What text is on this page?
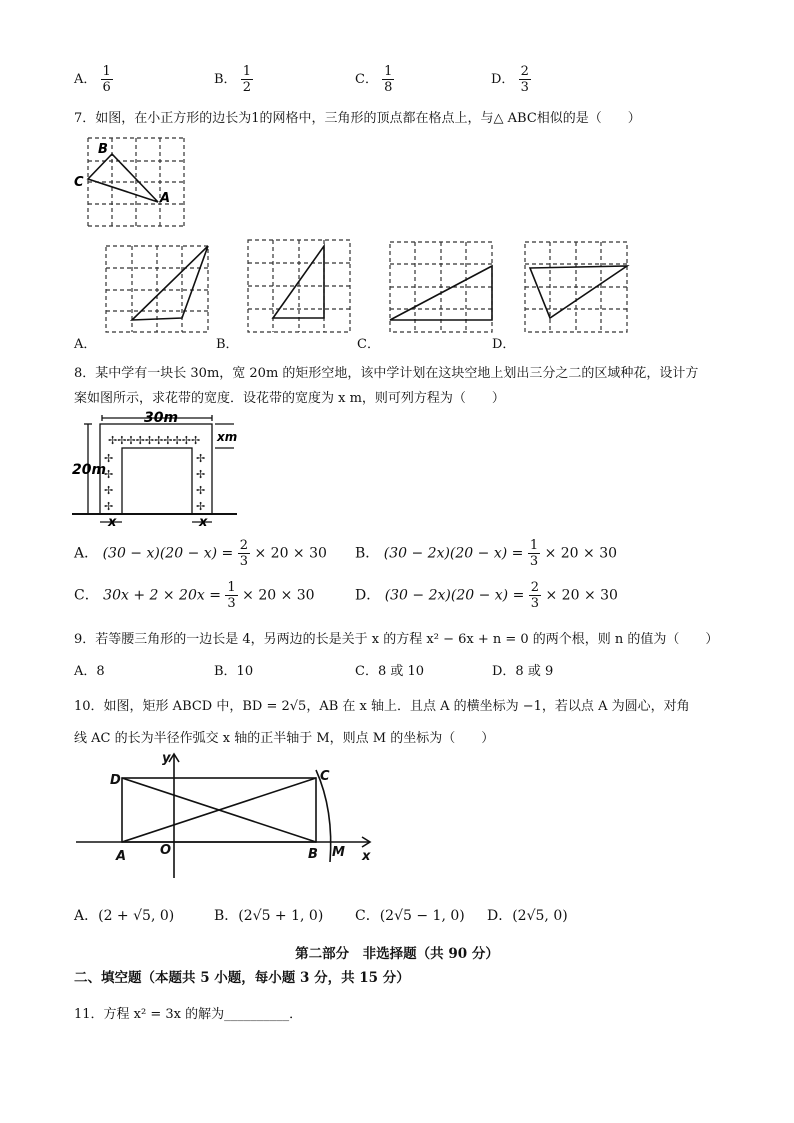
A． $\frac{1}{6}$	B． $\frac{1}{2}$	C． $\frac{1}{8}$	D． $\frac{2}{3}$
7．如图，在小正方形的边长为1的网格中，三角形的顶点都在格点上，与△ ABC相似的是（　　）
B
C
A
A．	B．	C．	D．
8．某中学有一块长 30m，宽 20m 的矩形空地，该中学计划在这块空地上划出三分之二的区域种花，设计方
案如图所示，求花带的宽度．设花带的宽度为 x m，则可列方程为（　　）
✢✢✢✢✢✢✢✢✢✢
✢
✢
✢
✢
✢
✢
✢
✢
30m
20m
xm
x	x
A． $(30 - x)(20 - x) = \frac{2}{3} \times 20 \times 30$ B． $(30 - 2x)(20 - x) = \frac{1}{3} \times 20 \times 30$
C． $30x + 2 \times 20x = \frac{1}{3} \times 20 \times 30$	D． $(30 - 2x)(20 - x) = \frac{2}{3} \times 20 \times 30$
9．若等腰三角形的一边长是 4，另两边的长是关于 x 的方程 x² − 6x + n = 0 的两个根，则 n 的值为（　　）
A．8	B．10	C．8 或 10	D．8 或 9
10．如图，矩形 ABCD 中，BD = 2√5，AB 在 x 轴上．且点 A 的横坐标为 −1，若以点 A 为圆心，对角
线 AC 的长为半径作弧交 x 轴的正半轴于 M，则点 M 的坐标为（　　）
y
x
D	C
A	O	B M
A．(2 + √5, 0)	B．(2√5 + 1, 0) C．(2√5 − 1, 0) D．(2√5, 0)
第二部分　非选择题（共 90 分）
二、填空题（本题共 5 小题，每小题 3 分，共 15 分）
11．方程 x² = 3x 的解为__________．
